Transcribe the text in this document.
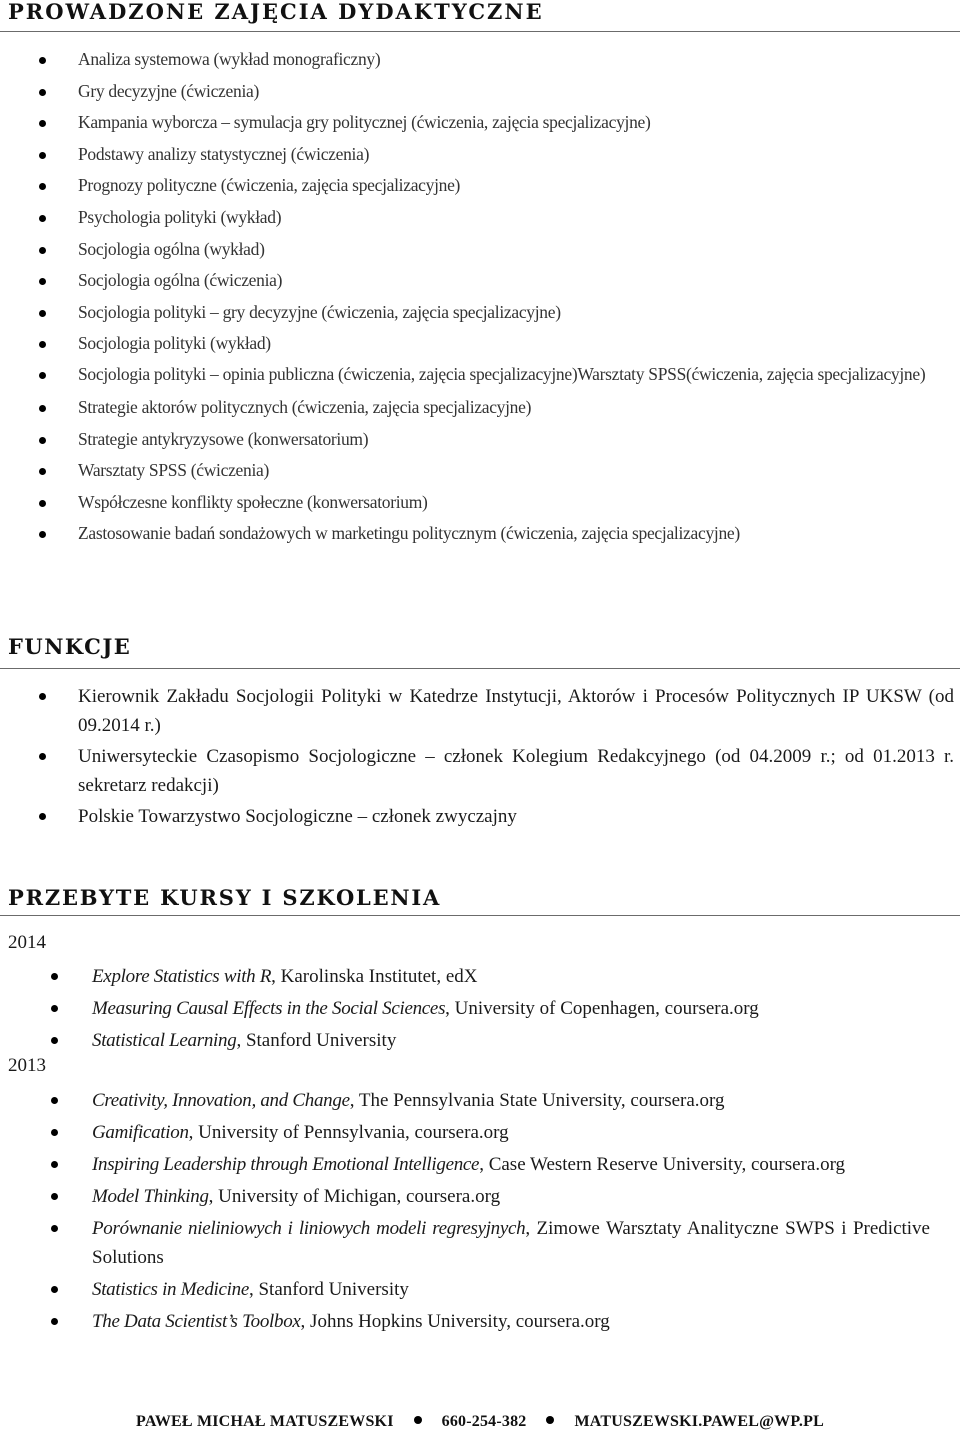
PROWADZONE ZAJĘCIA DYDAKTYCZNE
Analiza systemowa (wykład monograficzny)
Gry decyzyjne (ćwiczenia)
Kampania wyborcza – symulacja gry politycznej (ćwiczenia, zajęcia specjalizacyjne)
Podstawy analizy statystycznej (ćwiczenia)
Prognozy polityczne (ćwiczenia, zajęcia specjalizacyjne)
Psychologia polityki (wykład)
Socjologia ogólna (wykład)
Socjologia ogólna (ćwiczenia)
Socjologia polityki – gry decyzyjne (ćwiczenia, zajęcia specjalizacyjne)
Socjologia polityki (wykład)
Socjologia polityki – opinia publiczna (ćwiczenia, zajęcia specjalizacyjne)Warsztaty SPSS(ćwiczenia, zajęcia specjalizacyjne)
Strategie aktorów politycznych (ćwiczenia, zajęcia specjalizacyjne)
Strategie antykryzysowe (konwersatorium)
Warsztaty SPSS (ćwiczenia)
Współczesne konflikty społeczne (konwersatorium)
Zastosowanie badań sondażowych w marketingu politycznym (ćwiczenia, zajęcia specjalizacyjne)
FUNKCJE
Kierownik Zakładu Socjologii Polityki w Katedrze Instytucji, Aktorów i Procesów Politycznych IP UKSW (od 09.2014 r.)
Uniwersyteckie Czasopismo Socjologiczne – członek Kolegium Redakcyjnego (od 04.2009 r.; od 01.2013 r. sekretarz redakcji)
Polskie Towarzystwo Socjologiczne – członek zwyczajny
PRZEBYTE KURSY I SZKOLENIA
2014
Explore Statistics with R, Karolinska Institutet, edX
Measuring Causal Effects in the Social Sciences, University of Copenhagen, coursera.org
Statistical Learning, Stanford University
2013
Creativity, Innovation, and Change, The Pennsylvania State University, coursera.org
Gamification, University of Pennsylvania, coursera.org
Inspiring Leadership through Emotional Intelligence, Case Western Reserve University, coursera.org
Model Thinking, University of Michigan, coursera.org
Porównanie nieliniowych i liniowych modeli regresyjnych, Zimowe Warsztaty Analityczne SWPS i Predictive Solutions
Statistics in Medicine, Stanford University
The Data Scientist’s Toolbox, Johns Hopkins University, coursera.org
PAWEŁ MICHAŁ MATUSZEWSKI	660-254-382	MATUSZEWSKI.PAWEL@WP.PL
